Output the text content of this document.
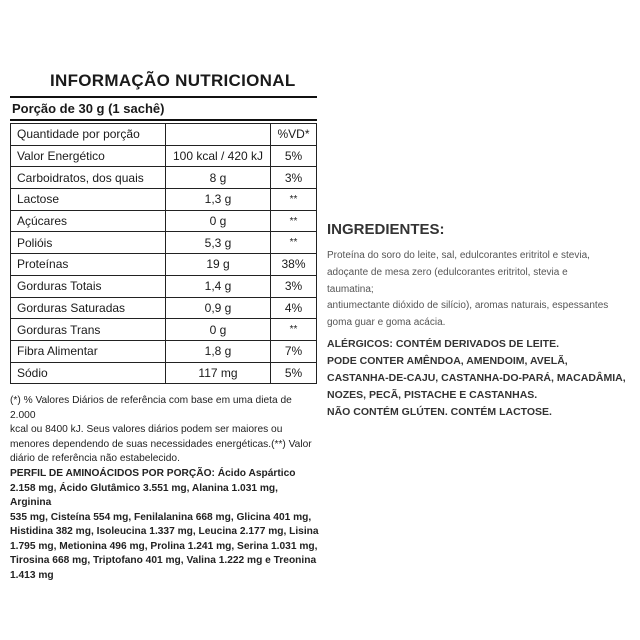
INFORMAÇÃO NUTRICIONAL
Porção de 30 g (1 sachê)
Quantidade por porção		%VD*
Valor Energético	100 kcal / 420 kJ	5%
Carboidratos, dos quais	8 g	3%
Lactose	1,3 g	**
Açúcares	0 g	**
Polióis	5,3 g	**
Proteínas	19 g	38%
Gorduras Totais	1,4 g	3%
Gorduras Saturadas	0,9 g	4%
Gorduras Trans	0 g	**
Fibra Alimentar	1,8 g	7%
Sódio	117 mg	5%
(*) % Valores Diários de referência com base em uma dieta de 2.000
kcal ou 8400 kJ. Seus valores diários podem ser maiores ou
menores dependendo de suas necessidades energéticas.(**) Valor
diário de referência não estabelecido.
PERFIL DE AMINOÁCIDOS POR PORÇÃO: Ácido Aspártico
2.158 mg, Ácido Glutâmico 3.551 mg, Alanina 1.031 mg, Arginina
535 mg, Cisteína 554 mg, Fenilalanina 668 mg, Glicina 401 mg,
Histidina 382 mg, Isoleucina 1.337 mg, Leucina 2.177 mg, Lisina
1.795 mg, Metionina 496 mg, Prolina 1.241 mg, Serina 1.031 mg,
Tirosina 668 mg, Triptofano 401 mg, Valina 1.222 mg e Treonina
1.413 mg
INGREDIENTES:
Proteína do soro do leite, sal, edulcorantes eritritol e stevia,
adoçante de mesa zero (edulcorantes eritritol, stevia e
taumatina;
antiumectante dióxido de silício), aromas naturais, espessantes
goma guar e goma acácia.
ALÉRGICOS: CONTÉM DERIVADOS DE LEITE.
PODE CONTER AMÊNDOA, AMENDOIM, AVELÃ,
CASTANHA-DE-CAJU, CASTANHA-DO-PARÁ, MACADÂMIA,
NOZES, PECÃ, PISTACHE E CASTANHAS.
NÃO CONTÉM GLÚTEN. CONTÉM LACTOSE.
